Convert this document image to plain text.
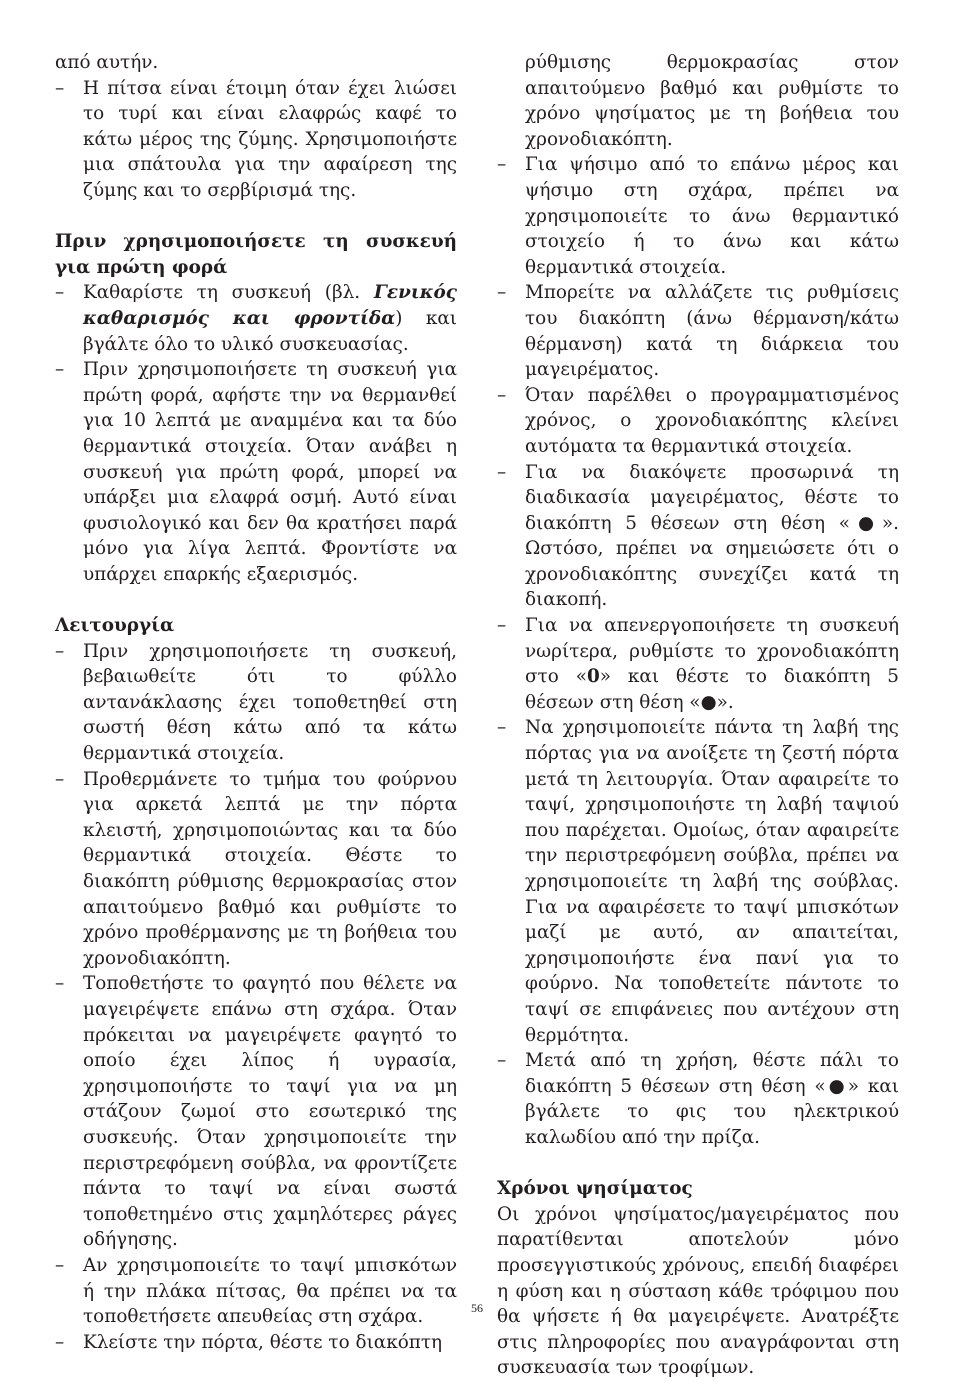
από αυτήν.

– Η πίτσα είναι έτοιμη όταν έχει λιώσει το τυρί και είναι ελαφρώς καφέ το κάτω μέρος της ζύμης. Χρησιμοποιήστε μια σπάτουλα για την αφαίρεση της ζύμης και το σερβίρισμά της.

Πριν χρησιμοποιήσετε τη συσκευή για πρώτη φορά

– Καθαρίστε τη συσκευή (βλ. Γενικός καθαρισμός και φροντίδα) και βγάλτε όλο το υλικό συσκευασίας.
– Πριν χρησιμοποιήσετε τη συσκευή για πρώτη φορά, αφήστε την να θερμανθεί για 10 λεπτά με αναμμένα και τα δύο θερμαντικά στοιχεία. Όταν ανάβει η συσκευή για πρώτη φορά, μπορεί να υπάρξει μια ελαφρά οσμή. Αυτό είναι φυσιολογικό και δεν θα κρατήσει παρά μόνο για λίγα λεπτά. Φροντίστε να υπάρχει επαρκής εξαερισμός.

Λειτουργία

– Πριν χρησιμοποιήσετε τη συσκευή, βεβαιωθείτε ότι το φύλλο αντανάκλασης έχει τοποθετηθεί στη σωστή θέση κάτω από τα κάτω θερμαντικά στοιχεία.
– Προθερμάνετε το τμήμα του φούρνου για αρκετά λεπτά με την πόρτα κλειστή, χρησιμοποιώντας και τα δύο θερμαντικά στοιχεία. Θέστε το διακόπτη ρύθμισης θερμοκρασίας στον απαιτούμενο βαθμό και ρυθμίστε το χρόνο προθέρμανσης με τη βοήθεια του χρονοδιακόπτη.
– Τοποθετήστε το φαγητό που θέλετε να μαγειρέψετε επάνω στη σχάρα. Όταν πρόκειται να μαγειρέψετε φαγητό το οποίο έχει λίπος ή υγρασία, χρησιμοποιήστε το ταψί για να μη στάζουν ζωμοί στο εσωτερικό της συσκευής. Όταν χρησιμοποιείτε την περιστρεφόμενη σούβλα, να φροντίζετε πάντα το ταψί να είναι σωστά τοποθετημένο στις χαμηλότερες ράγες οδήγησης.
– Αν χρησιμοποιείτε το ταψί μπισκότων ή την πλάκα πίτσας, θα πρέπει να τα τοποθετήσετε απευθείας στη σχάρα.
– Κλείστε την πόρτα, θέστε το διακόπτη

ρύθμισης θερμοκρασίας στον απαιτούμενο βαθμό και ρυθμίστε το χρόνο ψησίματος με τη βοήθεια του χρονοδιακόπτη.

– Για ψήσιμο από το επάνω μέρος και ψήσιμο στη σχάρα, πρέπει να χρησιμοποιείτε το άνω θερμαντικό στοιχείο ή το άνω και κάτω θερμαντικά στοιχεία.
– Μπορείτε να αλλάζετε τις ρυθμίσεις του διακόπτη (άνω θέρμανση/κάτω θέρμανση) κατά τη διάρκεια του μαγειρέματος.
– Όταν παρέλθει ο προγραμματισμένος χρόνος, ο χρονοδιακόπτης κλείνει αυτόματα τα θερμαντικά στοιχεία.
– Για να διακόψετε προσωρινά τη διαδικασία μαγειρέματος, θέστε το διακόπτη 5 θέσεων στη θέση «●». Ωστόσο, πρέπει να σημειώσετε ότι ο χρονοδιακόπτης συνεχίζει κατά τη διακοπή.
– Για να απενεργοποιήσετε τη συσκευή νωρίτερα, ρυθμίστε το χρονοδιακόπτη στο «0» και θέστε το διακόπτη 5 θέσεων στη θέση «●».
– Να χρησιμοποιείτε πάντα τη λαβή της πόρτας για να ανοίξετε τη ζεστή πόρτα μετά τη λειτουργία. Όταν αφαιρείτε το ταψί, χρησιμοποιήστε τη λαβή ταψιού που παρέχεται. Ομοίως, όταν αφαιρείτε την περιστρεφόμενη σούβλα, πρέπει να χρησιμοποιείτε τη λαβή της σούβλας. Για να αφαιρέσετε το ταψί μπισκότων μαζί με αυτό, αν απαιτείται, χρησιμοποιήστε ένα πανί για το φούρνο. Να τοποθετείτε πάντοτε το ταψί σε επιφάνειες που αντέχουν στη θερμότητα.
– Μετά από τη χρήση, θέστε πάλι το διακόπτη 5 θέσεων στη θέση «●» και βγάλετε το φις του ηλεκτρικού καλωδίου από την πρίζα.

Χρόνοι ψησίματος

Οι χρόνοι ψησίματος/μαγειρέματος που παρατίθενται αποτελούν μόνο προσεγγιστικούς χρόνους, επειδή διαφέρει η φύση και η σύσταση κάθε τρόφιμου που θα ψήσετε ή θα μαγειρέψετε. Ανατρέξτε στις πληροφορίες που αναγράφονται στη συσκευασία των τροφίμων.

56
